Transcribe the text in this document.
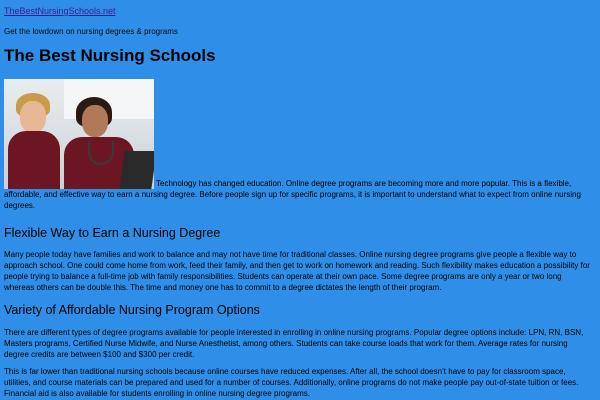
TheBestNursingSchools.net
Get the lowdown on nursing degrees & programs
The Best Nursing Schools
Technology has changed education. Online degree programs are becoming more and more popular. This is a flexible, affordable, and effective way to earn a nursing degree. Before people sign up for specific programs, it is important to understand what to expect from online nursing degrees.
Flexible Way to Earn a Nursing Degree

Many people today have families and work to balance and may not have time for traditional classes. Online nursing degree programs give people a flexible way to approach school. One could come home from work, feed their family, and then get to work on homework and reading. Such flexibility makes education a possibility for people trying to balance a full-time job with family responsibilities. Students can operate at their own pace. Some degree programs are only a year or two long whereas others can be double this. The time and money one has to commit to a degree dictates the length of their program.

Variety of Affordable Nursing Program Options

There are different types of degree programs available for people interested in enrolling in online nursing programs. Popular degree options include: LPN, RN, BSN, Masters programs, Certified Nurse Midwife, and Nurse Anesthetist, among others. Students can take course loads that work for them. Average rates for nursing degree credits are between $100 and $300 per credit.

This is far lower than traditional nursing schools because online courses have reduced expenses. After all, the school doesn’t have to pay for classroom space, utilities, and course materials can be prepared and used for a number of courses. Additionally, online programs do not make people pay out-of-state tuition or fees. Financial aid is also available for students enrolling in online nursing degree programs.
